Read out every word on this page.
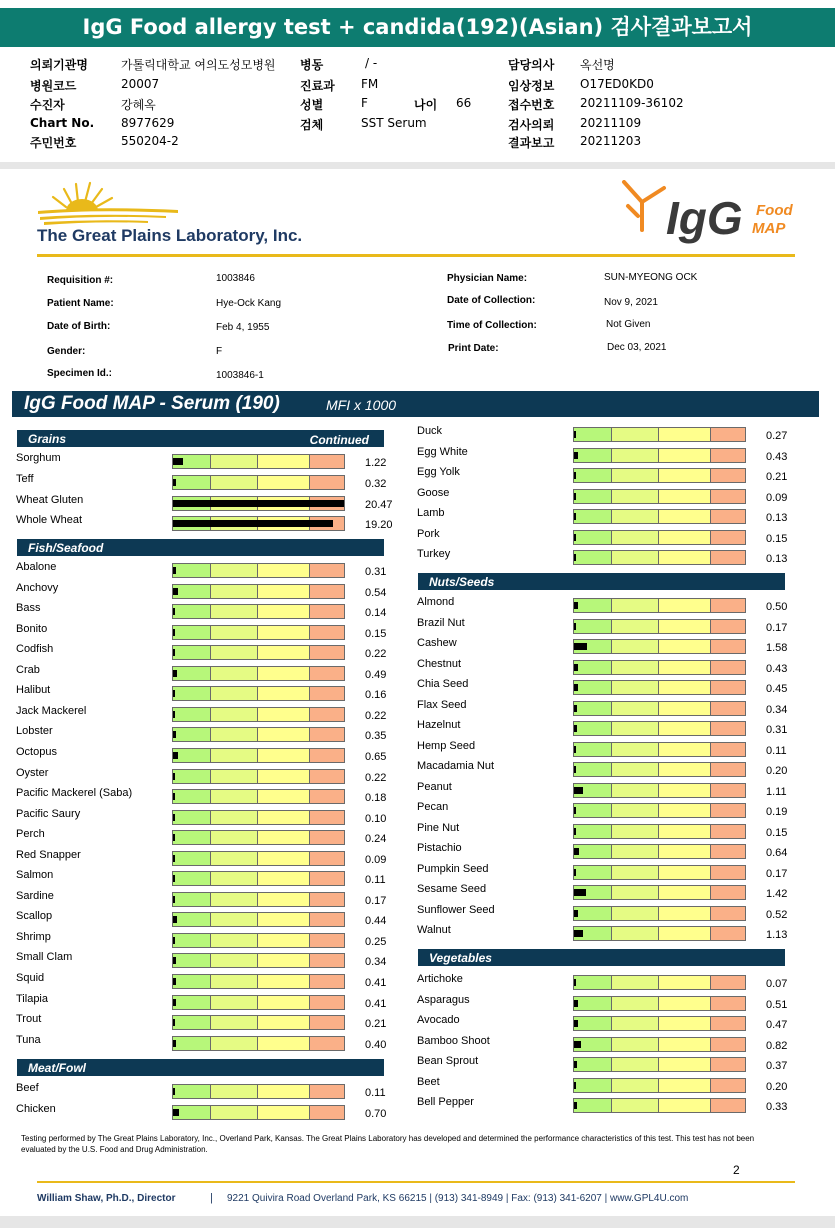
IgG Food allergy test + candida(192)(Asian) 검사결과보고서
의뢰기관명	가톨릭대학교 여의도성모병원
병원코드	20007
수진자	강혜옥
Chart No. 8977629
주민번호	550204-2
병동	/ -
진료과 FM
성별	F	나이 66
검체	SST Serum
담당의사 옥선명
임상정보 O17ED0KD0
접수번호 20211109-36102
검사의뢰 20211109
결과보고 20211203
The Great Plains Laboratory, Inc.	IgG Food
MAP
Requisition #:	1003846
Patient Name:	Hye-Ock Kang
Date of Birth:	Feb 4, 1955
Gender:	F
Specimen Id.:	1003846-1
Physician Name:	SUN-MYEONG OCK
Date of Collection:	Nov 9, 2021
Time of Collection:	Not Given
Print Date:	Dec 03, 2021
IgG Food MAP - Serum (190)	MFI x 1000
Grains	Continued
Fish/Seafood
Meat/Fowl
Nuts/Seeds
Vegetables
Sorghum	1.22
Teff	0.32
Wheat Gluten	20.47
Whole Wheat	19.20
Abalone	0.31
Anchovy	0.54
Bass	0.14
Bonito	0.15
Codfish	0.22
Crab	0.49
Halibut	0.16
Jack Mackerel	0.22
Lobster	0.35
Octopus	0.65
Oyster	0.22
Pacific Mackerel (Saba)	0.18
Pacific Saury	0.10
Perch	0.24
Red Snapper	0.09
Salmon	0.11
Sardine	0.17
Scallop	0.44
Shrimp	0.25
Small Clam	0.34
Squid	0.41
Tilapia	0.41
Trout	0.21
Tuna	0.40
Beef	0.11
Chicken	0.70
Duck	0.27
Egg White	0.43
Egg Yolk	0.21
Goose	0.09
Lamb	0.13
Pork	0.15
Turkey	0.13
Almond	0.50
Brazil Nut	0.17
Cashew	1.58
Chestnut	0.43
Chia Seed	0.45
Flax Seed	0.34
Hazelnut	0.31
Hemp Seed	0.11
Macadamia Nut	0.20
Peanut	1.11
Pecan	0.19
Pine Nut	0.15
Pistachio	0.64
Pumpkin Seed	0.17
Sesame Seed	1.42
Sunflower Seed	0.52
Walnut	1.13
Artichoke	0.07
Asparagus	0.51
Avocado	0.47
Bamboo Shoot	0.82
Bean Sprout	0.37
Beet	0.20
Bell Pepper	0.33
Testing performed by The Great Plains Laboratory, Inc., Overland Park, Kansas. The Great Plains Laboratory has developed and determined the performance characteristics of this test. This test has not been evaluated by the U.S. Food and Drug Administration.
2
William Shaw, Ph.D., Director	| 9221 Quivira Road Overland Park, KS 66215 | (913) 341-8949 | Fax: (913) 341-6207 | www.GPL4U.com
